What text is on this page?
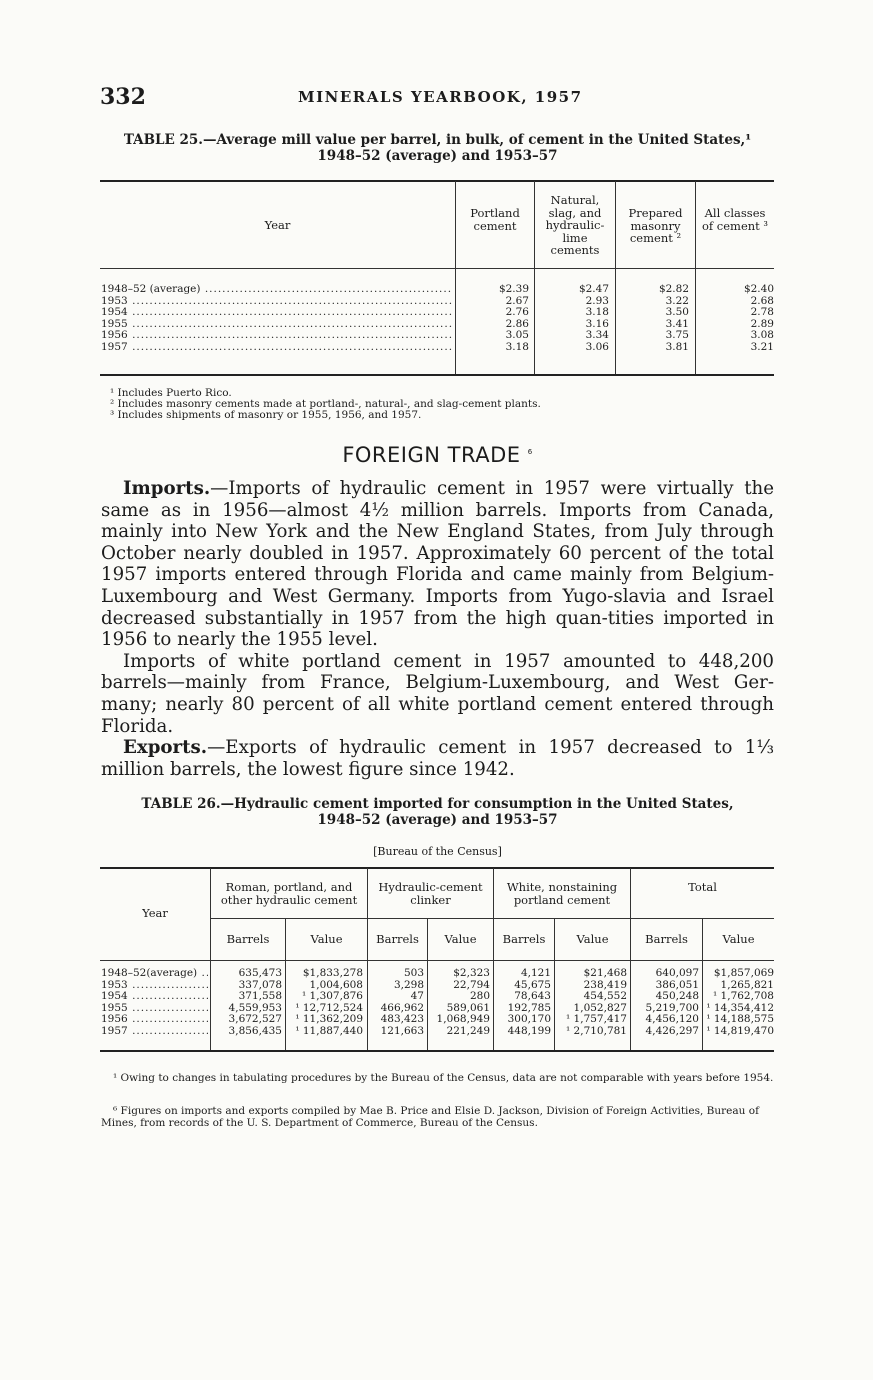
332	MINERALS YEARBOOK, 1957
TABLE 25.—Average mill value per barrel, in bulk, of cement in the United States,¹
1948–52 (average) and 1953–57
Year
Portland
cement
Natural,
slag, and
hydraulic-
lime
cements
Prepared
masonry
cement ²
All classes
of cement ³
1948–52 (average) .....	$2.39	$2.47	$2.82	$2.40
1953 .....	2.67	2.93	3.22	2.68
1954 .....	2.76	3.18	3.50	2.78
1955 .....	2.86	3.16	3.41	2.89
1956 .....	3.05	3.34	3.75	3.08
1957 .....	3.18	3.06	3.81	3.21
¹ Includes Puerto Rico.
² Includes masonry cements made at portland-, natural-, and slag-cement plants.
³ Includes shipments of masonry or 1955, 1956, and 1957.
FOREIGN TRADE $^6$

Imports.—Imports of hydraulic cement in 1957 were virtually the same as in 1956—almost 4½ million barrels. Imports from Canada, mainly into New York and the New England States, from July through October nearly doubled in 1957. Approximately 60 percent of the total 1957 imports entered through Florida and came mainly from Belgium-Luxembourg and West Germany. Imports from Yugo-slavia and Israel decreased substantially in 1957 from the high quan-tities imported in 1956 to nearly the 1955 level.

Imports of white portland cement in 1957 amounted to 448,200 barrels—mainly from France, Belgium-Luxembourg, and West Ger-many; nearly 80 percent of all white portland cement entered through Florida.

Exports.—Exports of hydraulic cement in 1957 decreased to 1⅓ million barrels, the lowest figure since 1942.

TABLE 26.—Hydraulic cement imported for consumption in the United States,
1948–52 (average) and 1953–57
[Bureau of the Census]
Year
Roman, portland, and
other hydraulic cement
Hydraulic-cement
clinker
White, nonstaining
portland cement
Total
Barrels	Value	Barrels	Value	Barrels	Value	Barrels	Value
1948–52(average) .....	635,473	$1,833,278	503	$2,323	4,121	$21,468	640,097	$1,857,069
1953 .....	337,078	1,004,608	3,298	22,794	45,675	238,419	386,051	1,265,821
1954 .....	371,558	¹ 1,307,876	47	280	78,643	454,552	450,248	¹ 1,762,708
1955 .....	4,559,953	¹ 12,712,524	466,962	589,061	192,785	1,052,827	5,219,700 ¹ 14,354,412
1956 .....	3,672,527	¹ 11,362,209	483,423	1,068,949	300,170	¹ 1,757,417	4,456,120 ¹ 14,188,575
1957 .....	3,856,435	¹ 11,887,440	121,663	221,249	448,199	¹ 2,710,781	4,426,297 ¹ 14,819,470
¹ Owing to changes in tabulating procedures by the Bureau of the Census, data are not comparable with years before 1954.
⁶ Figures on imports and exports compiled by Mae B. Price and Elsie D. Jackson, Division of Foreign Activities, Bureau of Mines, from records of the U. S. Department of Commerce, Bureau of the Census.
